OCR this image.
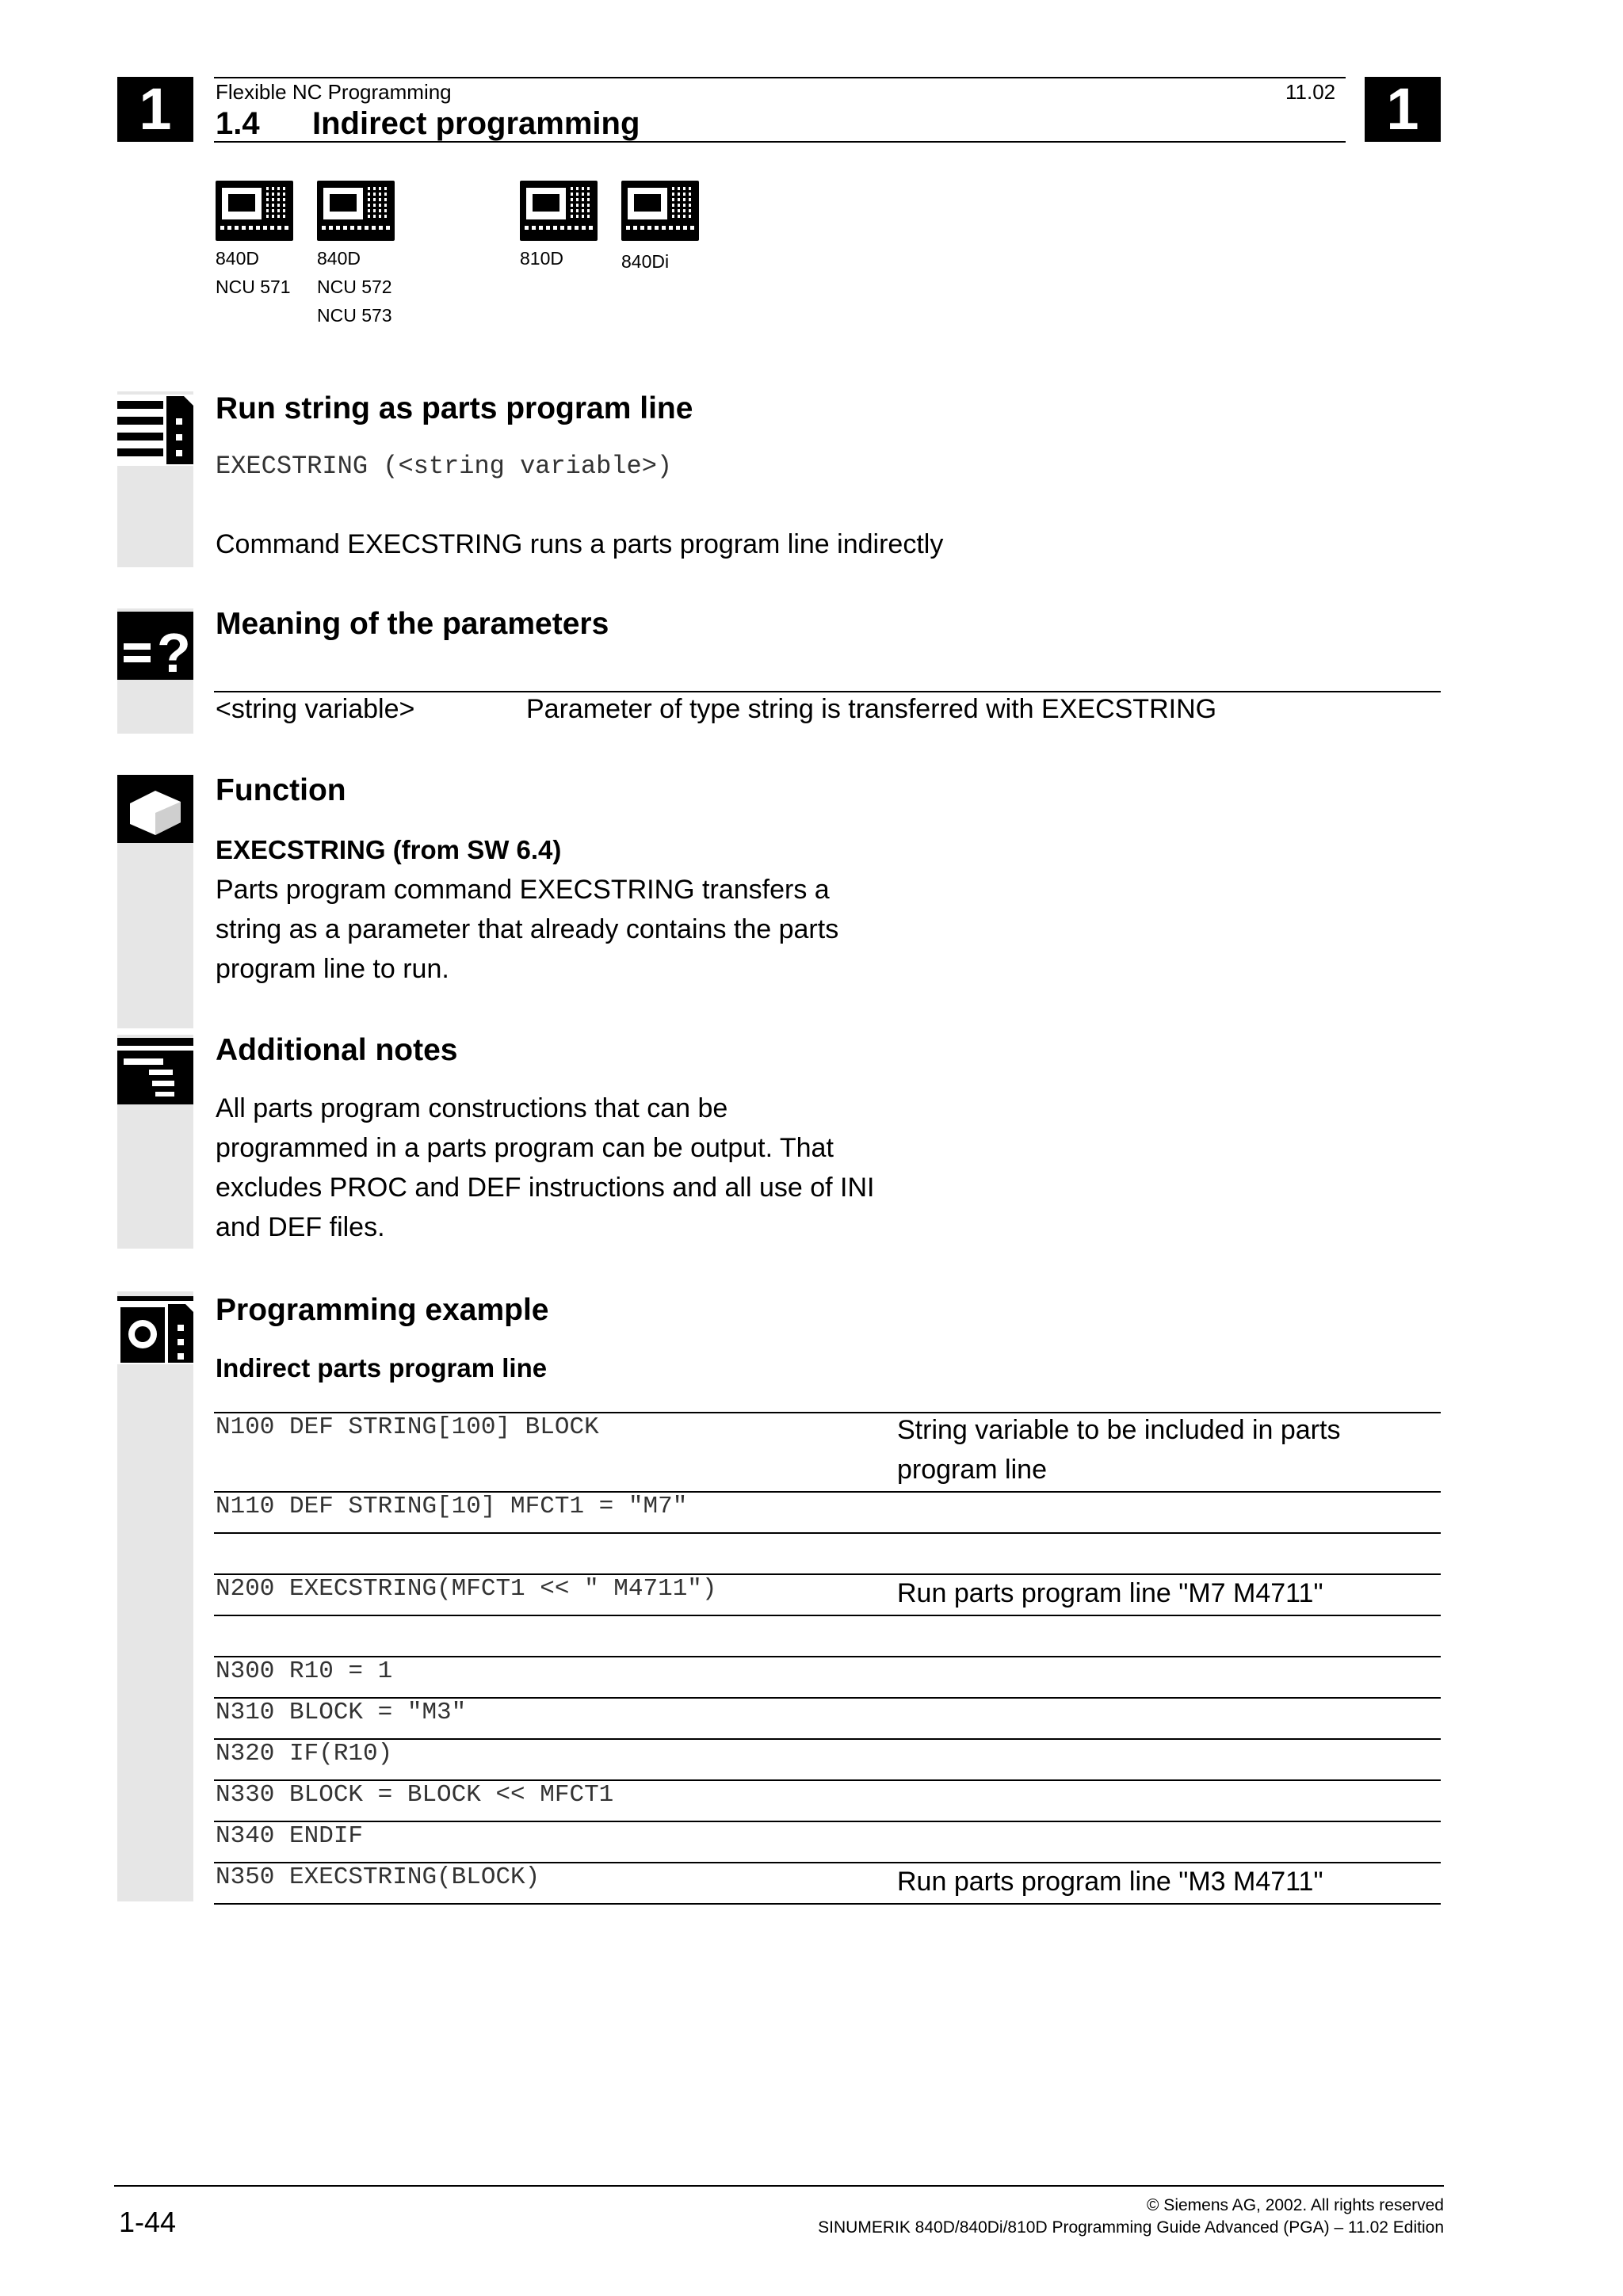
1	1
Flexible NC Programming	11.02
1.4 Indirect programming
840D
NCU 571
840D
NCU 572
NCU 573
810D	840Di
Run string as parts program line
EXECSTRING (<string variable>)
Command EXECSTRING runs a parts program line indirectly
? Meaning of the parameters
<string variable>	Parameter of type string is transferred with EXECSTRING
Function
EXECSTRING (from SW 6.4)
Parts program command EXECSTRING transfers a
string as a parameter that already contains the parts
program line to run.
Additional notes
All parts program constructions that can be
programmed in a parts program can be output. That
excludes PROC and DEF instructions and all use of INI
and DEF files.
Programming example
Indirect parts program line
N100 DEF STRING[100] BLOCK	String variable to be included in parts
program line
N110 DEF STRING[10] MFCT1 = "M7"
N200 EXECSTRING(MFCT1 << " M4711")	Run parts program line "M7 M4711"
N300 R10 = 1
N310 BLOCK = "M3"
N320 IF(R10)
N330 BLOCK = BLOCK << MFCT1
N340 ENDIF
N350 EXECSTRING(BLOCK)	Run parts program line "M3 M4711"
1-44
© Siemens AG, 2002. All rights reserved
SINUMERIK 840D/840Di/810D Programming Guide Advanced (PGA) – 11.02 Edition
